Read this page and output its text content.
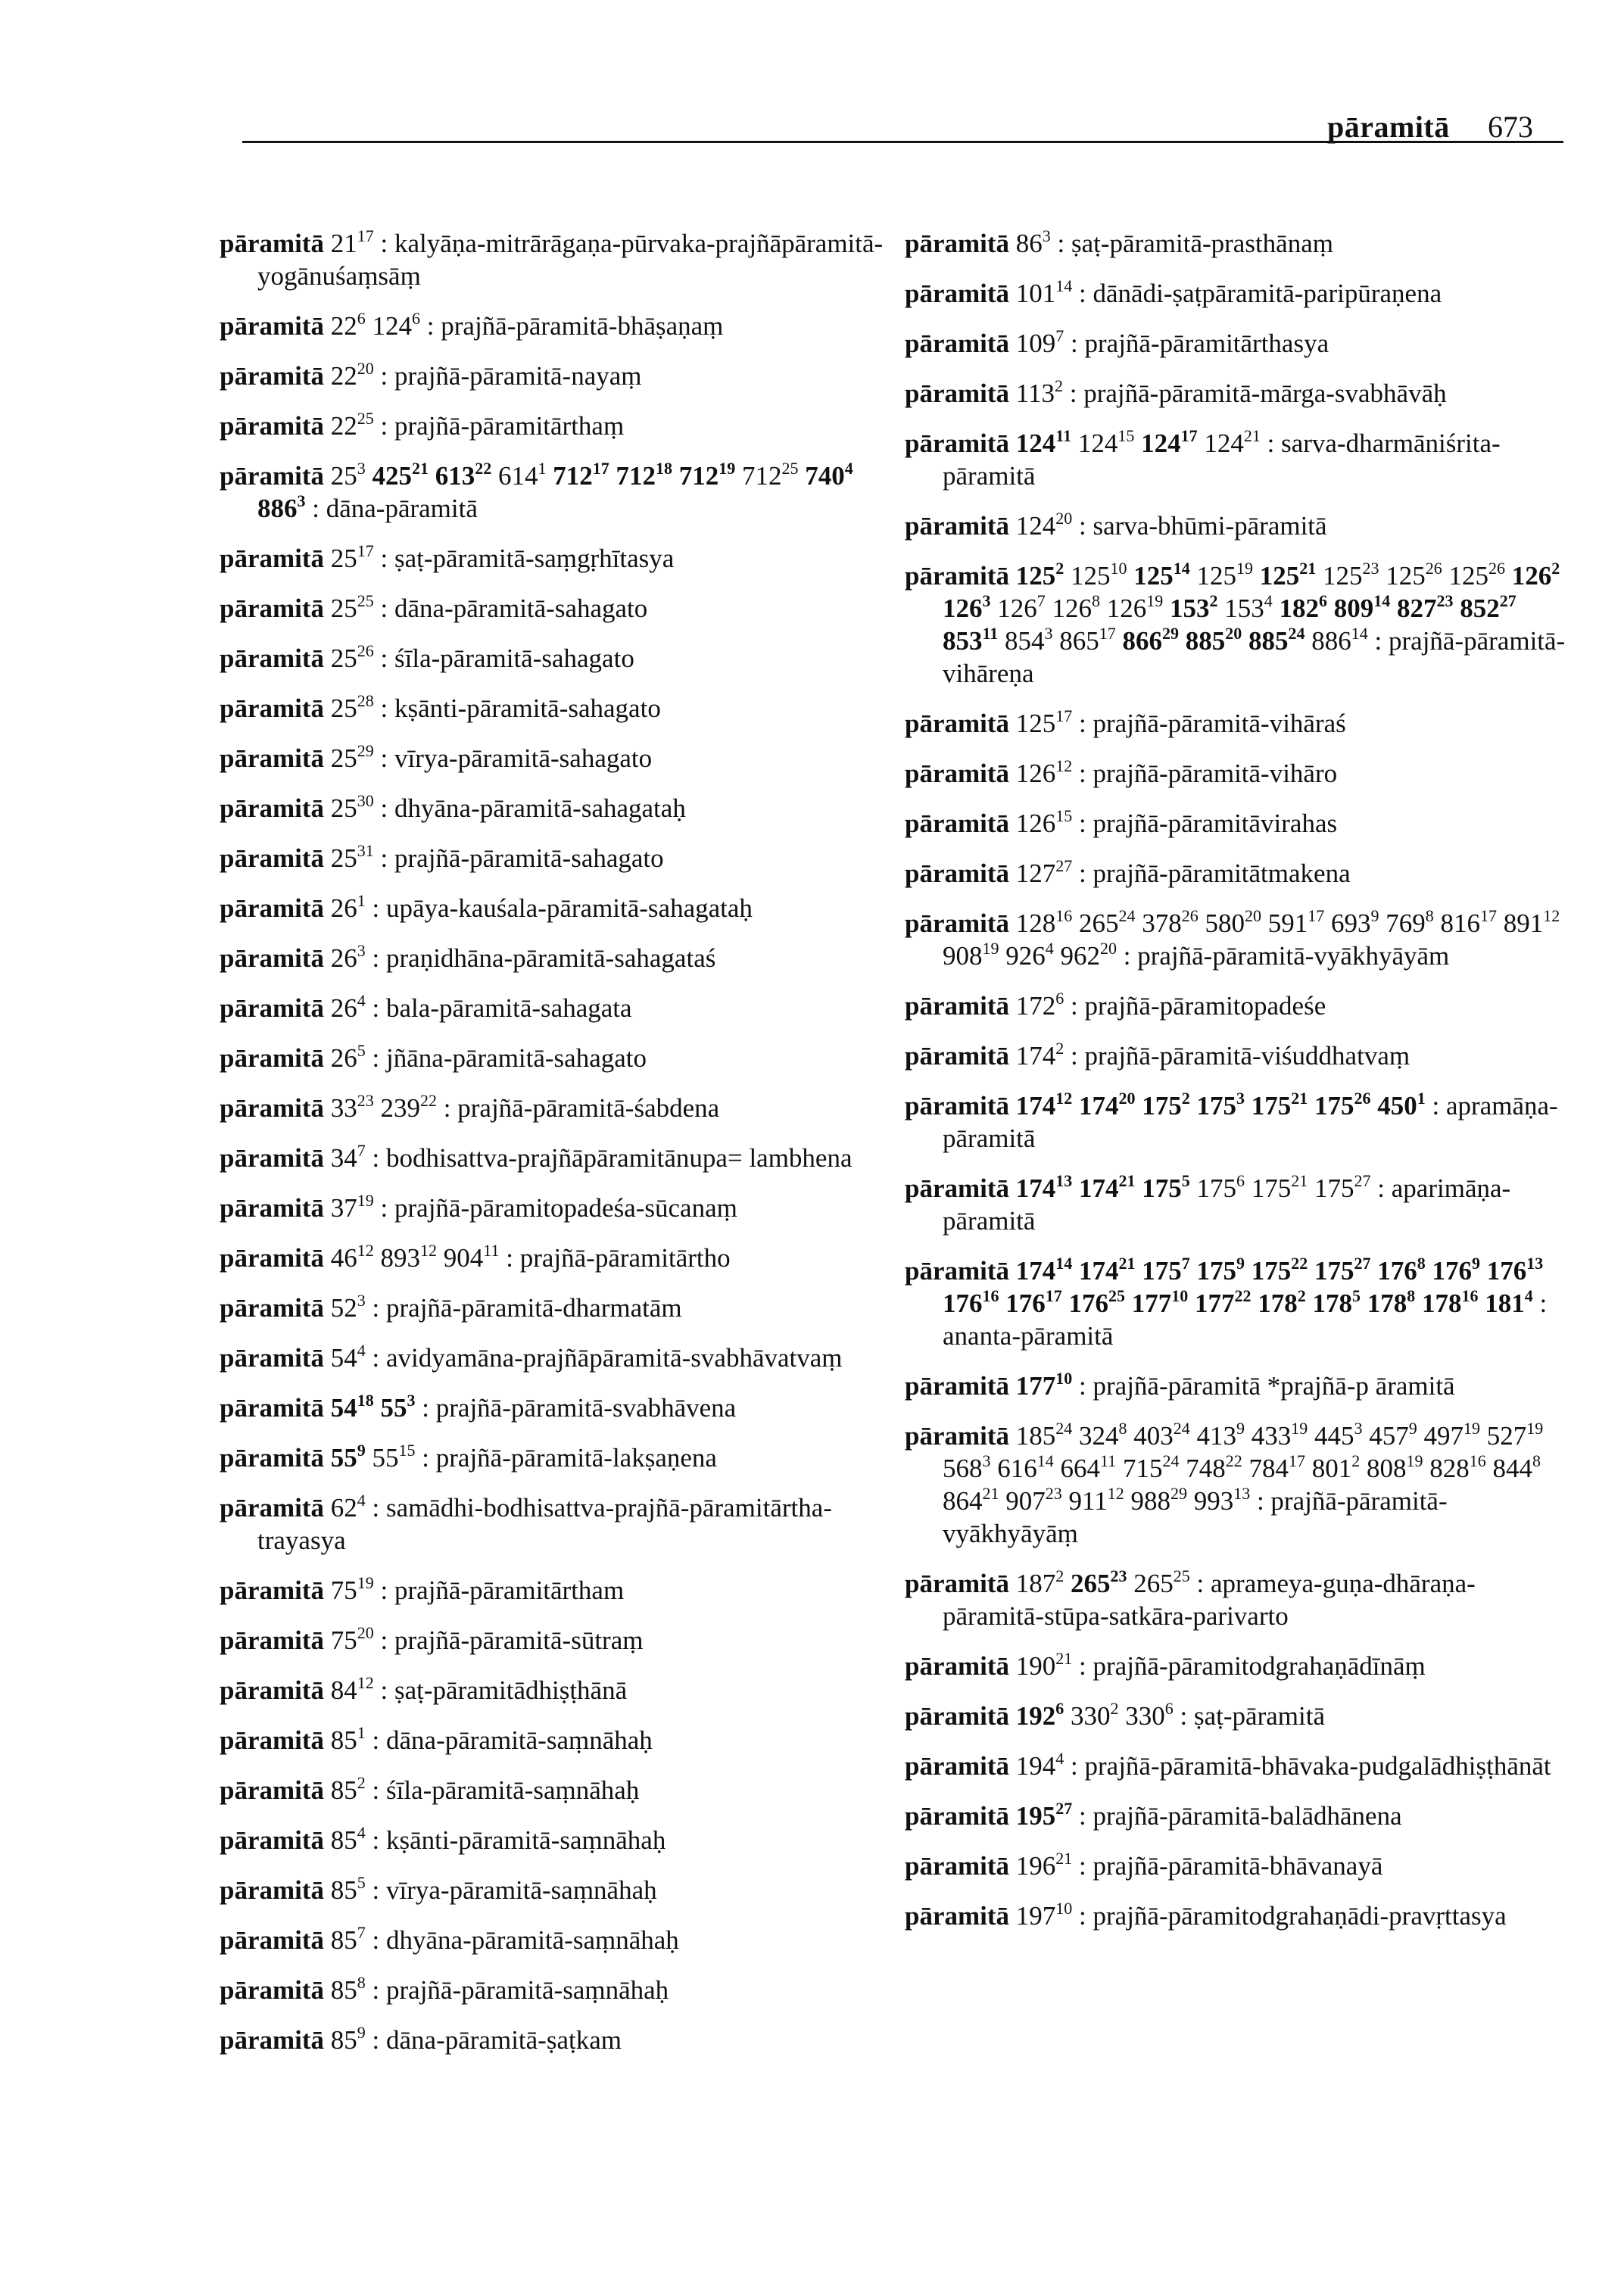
pāramitā 673

pāramitā $21^{17}$ : kalyāṇa-mitrārāgaṇa-pūrvaka-prajñāpāramitā-yogānuśaṃsāṃ

pāramitā $22^6$ $124^6$ : prajñā-pāramitā-bhāṣaṇaṃ

pāramitā $22^{20}$ : prajñā-pāramitā-nayaṃ

pāramitā $22^{25}$ : prajñā-pāramitārthaṃ

pāramitā $25^3$ $425^{21}$ $613^{22}$ $614^1$ $712^{17}$ $712^{18}$ $712^{19}$ $712^{25}$ $740^4$ $886^3$ : dāna-pāramitā

pāramitā $25^{17}$ : ṣaṭ-pāramitā-saṃgṛhītasya

pāramitā $25^{25}$ : dāna-pāramitā-sahagato

pāramitā $25^{26}$ : śīla-pāramitā-sahagato

pāramitā $25^{28}$ : kṣānti-pāramitā-sahagato

pāramitā $25^{29}$ : vīrya-pāramitā-sahagato

pāramitā $25^{30}$ : dhyāna-pāramitā-sahagataḥ

pāramitā $25^{31}$ : prajñā-pāramitā-sahagato

pāramitā $26^1$ : upāya-kauśala-pāramitā-sahagataḥ

pāramitā $26^3$ : praṇidhāna-pāramitā-sahagataś

pāramitā $26^4$ : bala-pāramitā-sahagata

pāramitā $26^5$ : jñāna-pāramitā-sahagato

pāramitā $33^{23}$ $239^{22}$ : prajñā-pāramitā-śabdena

pāramitā $34^7$ : bodhisattva-prajñāpāramitānupa= lambhena

pāramitā $37^{19}$ : prajñā-pāramitopadeśa-sūcanaṃ

pāramitā $46^{12}$ $893^{12}$ $904^{11}$ : prajñā-pāramitārtho

pāramitā $52^3$ : prajñā-pāramitā-dharmatām

pāramitā $54^4$ : avidyamāna-prajñāpāramitā-svabhāvatvaṃ

pāramitā $54^{18}$ $55^3$ : prajñā-pāramitā-svabhāvena

pāramitā $55^9$ $55^{15}$ : prajñā-pāramitā-lakṣaṇena

pāramitā $62^4$ : samādhi-bodhisattva-prajñā-pāramitārtha-trayasya

pāramitā $75^{19}$ : prajñā-pāramitārtham

pāramitā $75^{20}$ : prajñā-pāramitā-sūtraṃ

pāramitā $84^{12}$ : ṣaṭ-pāramitādhiṣṭhānā

pāramitā $85^1$ : dāna-pāramitā-saṃnāhaḥ

pāramitā $85^2$ : śīla-pāramitā-saṃnāhaḥ

pāramitā $85^4$ : kṣānti-pāramitā-saṃnāhaḥ

pāramitā $85^5$ : vīrya-pāramitā-saṃnāhaḥ

pāramitā $85^7$ : dhyāna-pāramitā-saṃnāhaḥ

pāramitā $85^8$ : prajñā-pāramitā-saṃnāhaḥ

pāramitā $85^9$ : dāna-pāramitā-ṣaṭkam

pāramitā $86^3$ : ṣaṭ-pāramitā-prasthānaṃ

pāramitā $101^{14}$ : dānādi-ṣaṭpāramitā-paripūraṇena

pāramitā $109^7$ : prajñā-pāramitārthasya

pāramitā $113^2$ : prajñā-pāramitā-mārga-svabhāvāḥ

pāramitā $124^{11}$ $124^{15}$ $124^{17}$ $124^{21}$ : sarva-dharmāniśrita-pāramitā

pāramitā $124^{20}$ : sarva-bhūmi-pāramitā

pāramitā $125^2$ $125^{10}$ $125^{14}$ $125^{19}$ $125^{21}$ $125^{23}$ $125^{26}$ $125^{26}$ $126^2$ $126^3$ $126^7$ $126^8$ $126^{19}$ $153^2$ $153^4$ $182^6$ $809^{14}$ $827^{23}$ $852^{27}$ $853^{11}$ $854^3$ $865^{17}$ $866^{29}$ $885^{20}$ $885^{24}$ $886^{14}$ : prajñā-pāramitā-vihāreṇa

pāramitā $125^{17}$ : prajñā-pāramitā-vihāraś

pāramitā $126^{12}$ : prajñā-pāramitā-vihāro

pāramitā $126^{15}$ : prajñā-pāramitāvirahas

pāramitā $127^{27}$ : prajñā-pāramitātmakena

pāramitā $128^{16}$ $265^{24}$ $378^{26}$ $580^{20}$ $591^{17}$ $693^9$ $769^8$ $816^{17}$ $891^{12}$ $908^{19}$ $926^4$ $962^{20}$ : prajñā-pāramitā-vyākhyāyām

pāramitā $172^6$ : prajñā-pāramitopadeśe

pāramitā $174^2$ : prajñā-pāramitā-viśuddhatvaṃ

pāramitā $174^{12}$ $174^{20}$ $175^2$ $175^3$ $175^{21}$ $175^{26}$ $450^1$ : apramāṇa-pāramitā

pāramitā $174^{13}$ $174^{21}$ $175^5$ $175^6$ $175^{21}$ $175^{27}$ : aparimāṇa-pāramitā

pāramitā $174^{14}$ $174^{21}$ $175^7$ $175^9$ $175^{22}$ $175^{27}$ $176^8$ $176^9$ $176^{13}$ $176^{16}$ $176^{17}$ $176^{25}$ $177^{10}$ $177^{22}$ $178^2$ $178^5$ $178^8$ $178^{16}$ $181^4$ : ananta-pāramitā

pāramitā $177^{10}$ : prajñā-pāramitā *prajñā-p āramitā

pāramitā $185^{24}$ $324^8$ $403^{24}$ $413^9$ $433^{19}$ $445^3$ $457^9$ $497^{19}$ $527^{19}$ $568^3$ $616^{14}$ $664^{11}$ $715^{24}$ $748^{22}$ $784^{17}$ $801^2$ $808^{19}$ $828^{16}$ $844^8$ $864^{21}$ $907^{23}$ $911^{12}$ $988^{29}$ $993^{13}$ : prajñā-pāramitā-vyākhyāyāṃ

pāramitā $187^2$ $265^{23}$ $265^{25}$ : aprameya-guṇa-dhāraṇa-pāramitā-stūpa-satkāra-parivarto

pāramitā $190^{21}$ : prajñā-pāramitodgrahaṇādīnāṃ

pāramitā $192^6$ $330^2$ $330^6$ : ṣaṭ-pāramitā

pāramitā $194^4$ : prajñā-pāramitā-bhāvaka-pudgalādhiṣṭhānāt

pāramitā $195^{27}$ : prajñā-pāramitā-balādhānena

pāramitā $196^{21}$ : prajñā-pāramitā-bhāvanayā

pāramitā $197^{10}$ : prajñā-pāramitodgrahaṇādi-pravṛttasya
